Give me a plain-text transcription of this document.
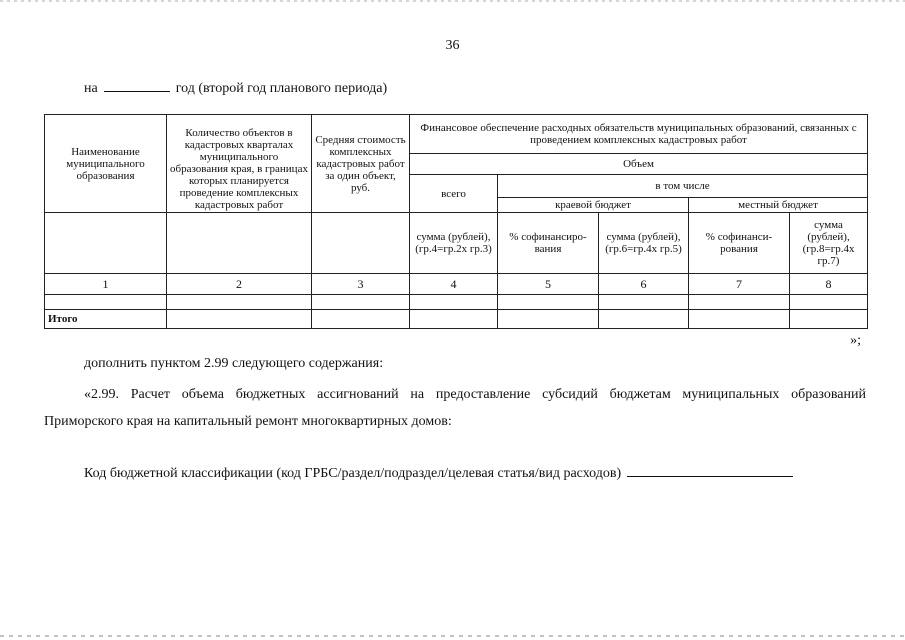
36
на	год (второй год планового периода)
Наименование муниципального образования	Количество объектов в кадастровых кварталах муниципального образования края, в границах которых планируется проведение комплексных кадастровых работ	Средняя стоимость комплексных кадастровых работ за один объект, руб.	Финансовое обеспечение расходных обязательств муниципальных образований, связанных с проведением комплексных кадастровых работ				
			Объем				
			всего	в том числе			
				краевой бюджет		местный бюджет	
			сумма (рублей), (гр.4=гр.2х гр.3)	% софинансиро-вания	сумма (рублей), (гр.6=гр.4х гр.5)	% софинанси-рования	сумма (рублей), (гр.8=гр.4х гр.7)
1	2	3	4	5	6	7	8

Итого							
»;
дополнить пунктом 2.99 следующего содержания:
«2.99. Расчет объема бюджетных ассигнований на предоставление субсидий бюджетам муниципальных образований
Приморского края на капитальный ремонт многоквартирных домов:
Код бюджетной классификации (код ГРБС/раздел/подраздел/целевая статья/вид расходов)
